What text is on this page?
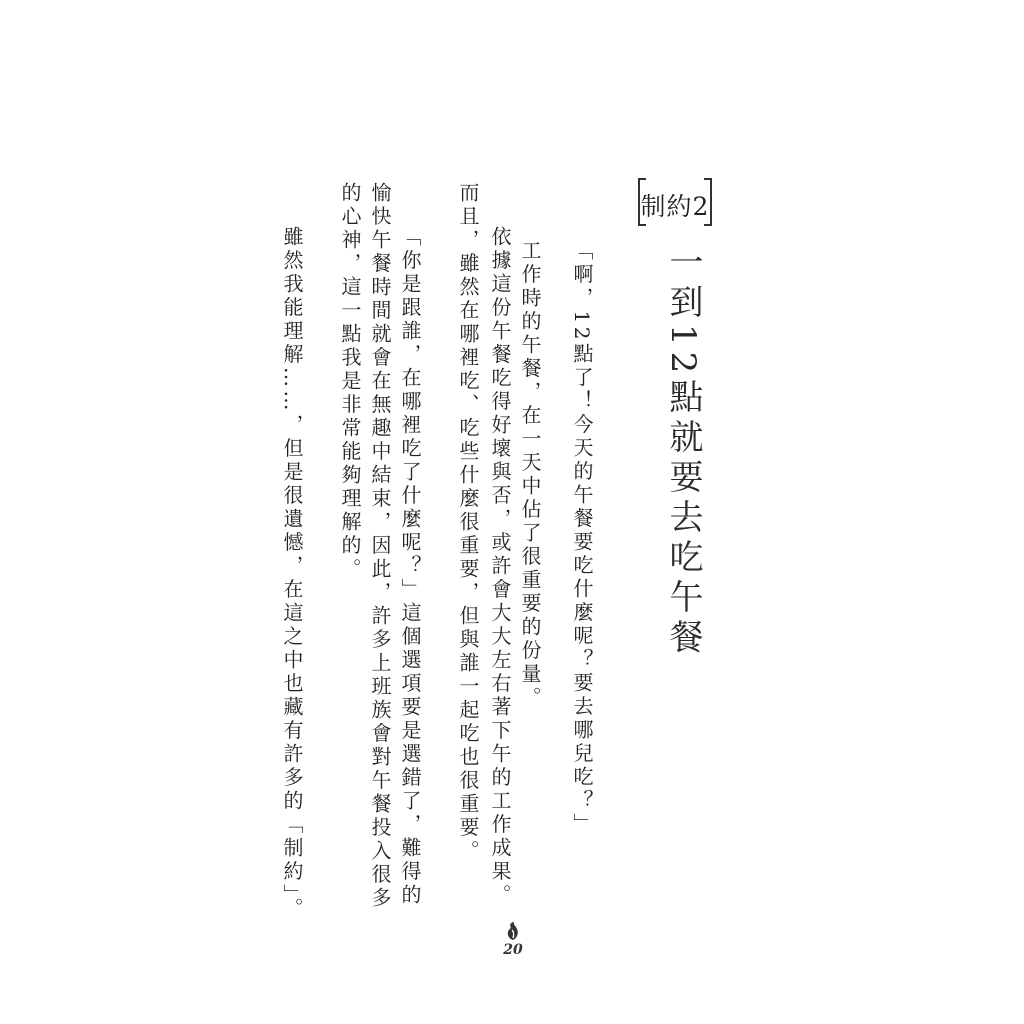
制約2
一到12點就要去吃午餐
「啊，12點了！今天的午餐要吃什麼呢？要去哪兒吃？」
工作時的午餐，在一天中佔了很重要的份量。
依據這份午餐吃得好壞與否，或許會大大左右著下午的工作成果。
而且，雖然在哪裡吃、吃些什麼很重要，但與誰一起吃也很重要。
「你是跟誰，在哪裡吃了什麼呢？」這個選項要是選錯了，難得的
愉快午餐時間就會在無趣中結束，因此，許多上班族會對午餐投入很多
的心神，這一點我是非常能夠理解的。
雖然我能理解……，但是很遺憾，在這之中也藏有許多的「制約」。
20
